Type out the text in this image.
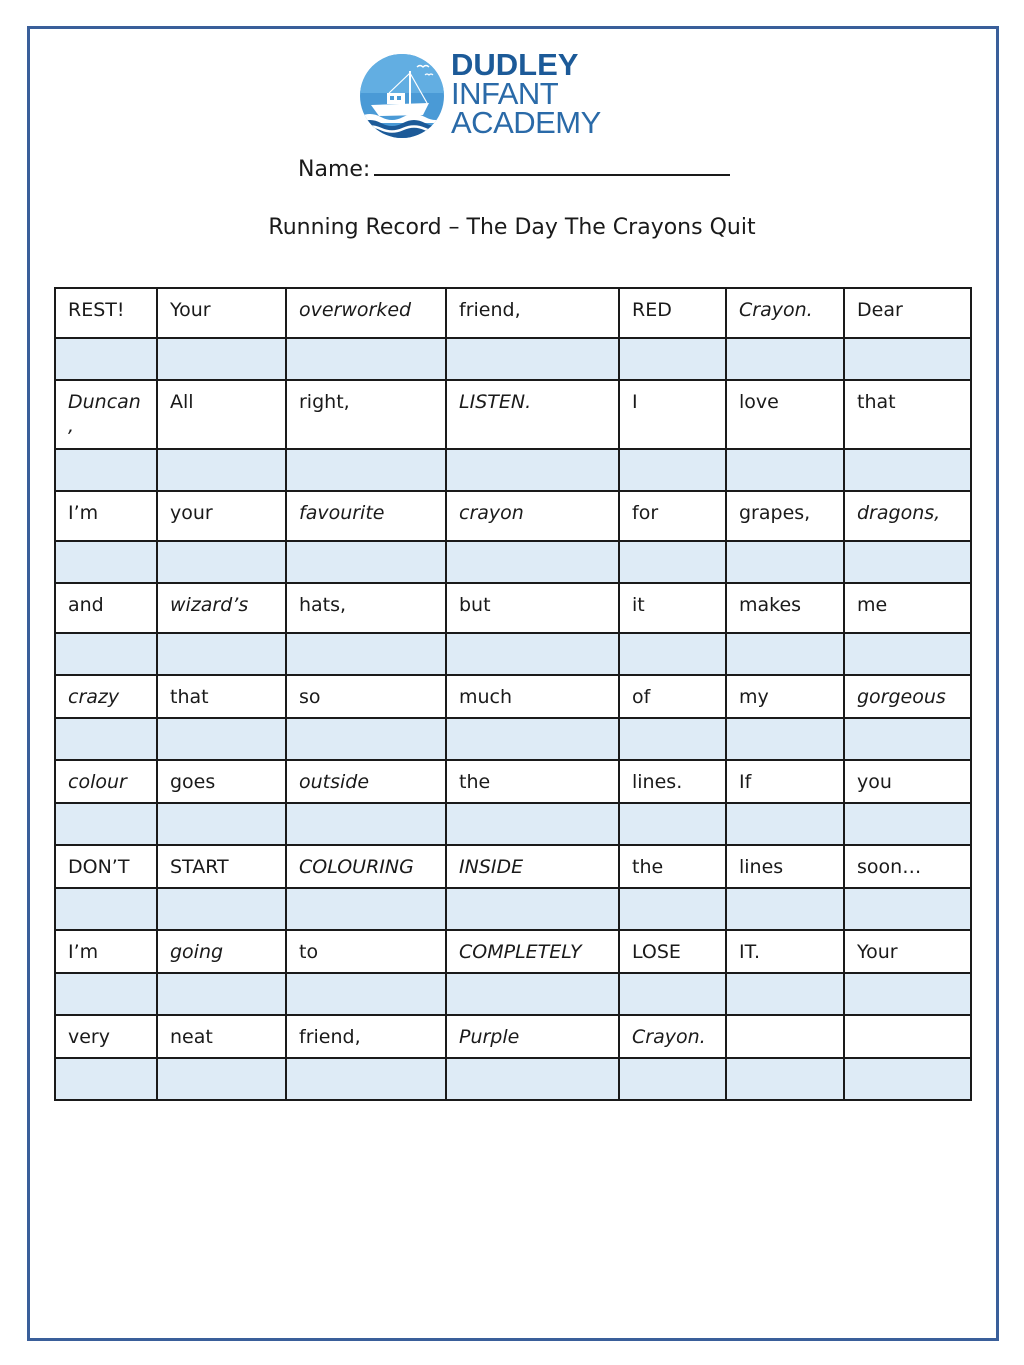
DUDLEY
INFANT
ACADEMY
Name:
Running Record – The Day The Crayons Quit
REST!	Your	overworked	friend,	RED	Crayon.	Dear

Duncan,	All	right,	LISTEN.	I	love	that

I’m	your	favourite	crayon	for	grapes,	dragons,

and	wizard’s	hats,	but	it	makes	me

crazy	that	so	much	of	my	gorgeous

colour	goes	outside	the	lines.	If	you

DON’T	START	COLOURING	INSIDE	the	lines	soon…

I’m	going	to	COMPLETELY	LOSE	IT.	Your

very	neat	friend,	Purple	Crayon.		
